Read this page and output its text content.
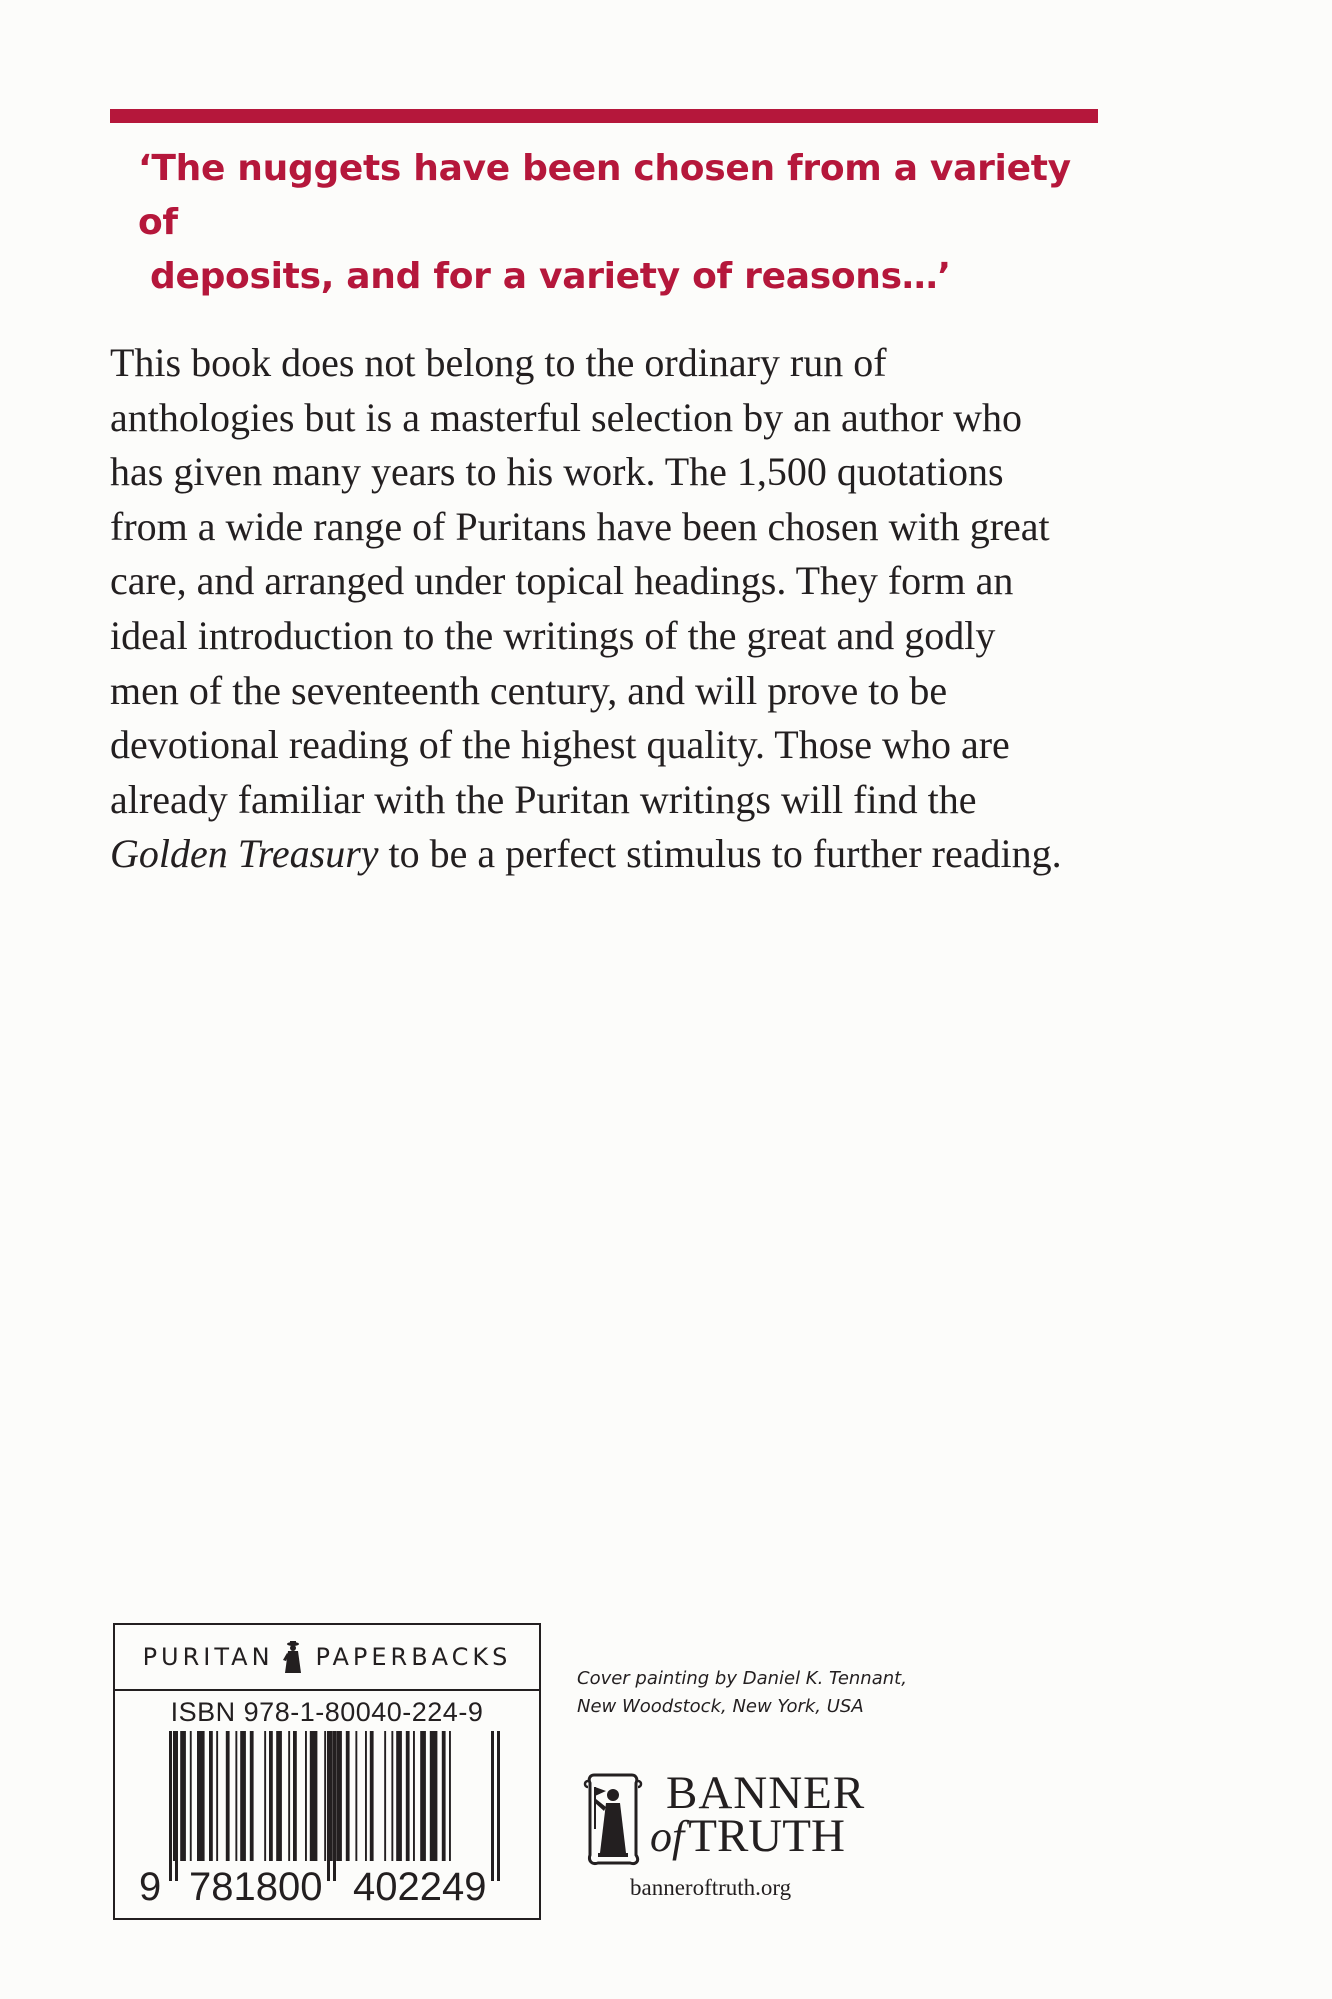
‘The nuggets have been chosen from a variety of
deposits, and for a variety of reasons…’

This book does not belong to the ordinary run of
anthologies but is a masterful selection by an author who
has given many years to his work. The 1,500 quotations
from a wide range of Puritans have been chosen with great
care, and arranged under topical headings. They form an
ideal introduction to the writings of the great and godly
men of the seventeenth century, and will prove to be
devotional reading of the highest quality. Those who are
already familiar with the Puritan writings will find the
Golden Treasury to be a perfect stimulus to further reading.

PURITAN PAPERBACKS
ISBN 978-1-80040-224-9
9 781800 402249
Cover painting by Daniel K. Tennant,
New Woodstock, New York, USA
BANNER
ofTRUTH
banneroftruth.org
